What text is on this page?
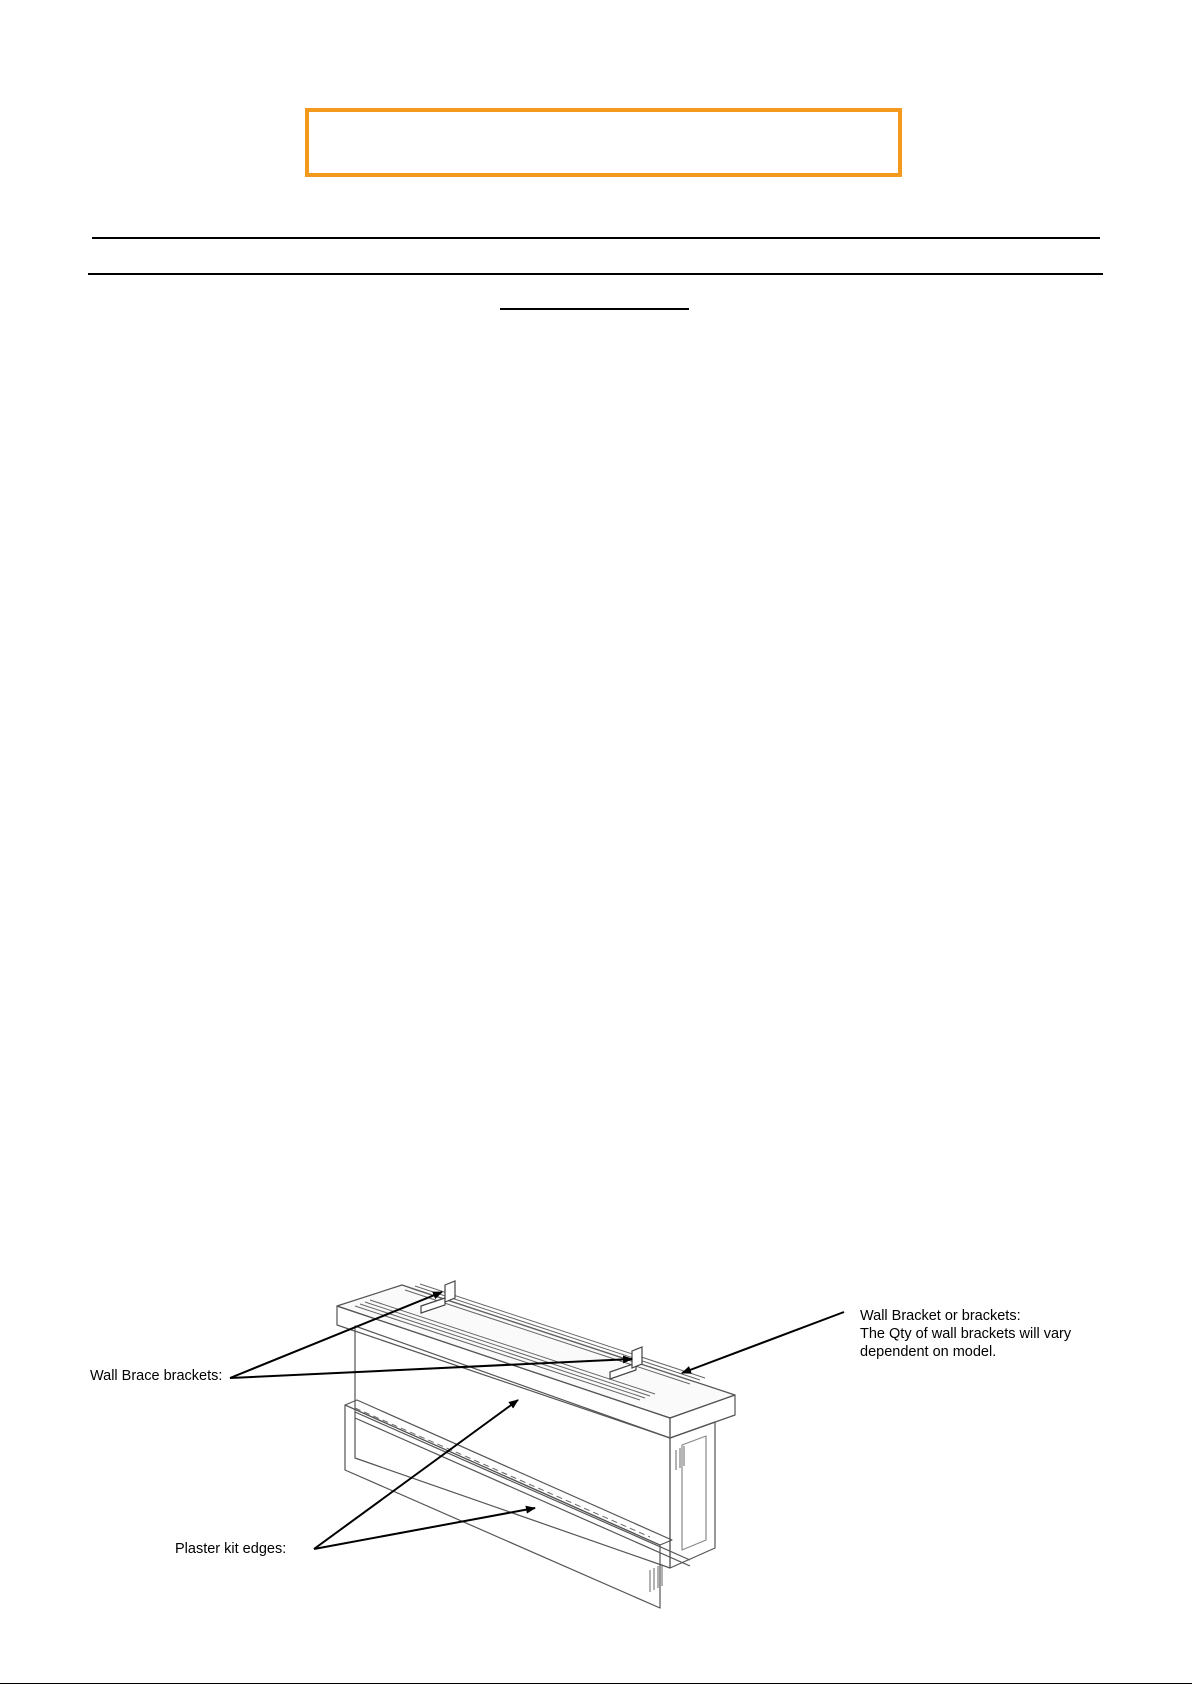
Wall Brace brackets:
Plaster kit edges:
Wall Bracket or brackets:
The Qty of wall brackets will vary
dependent on model.
